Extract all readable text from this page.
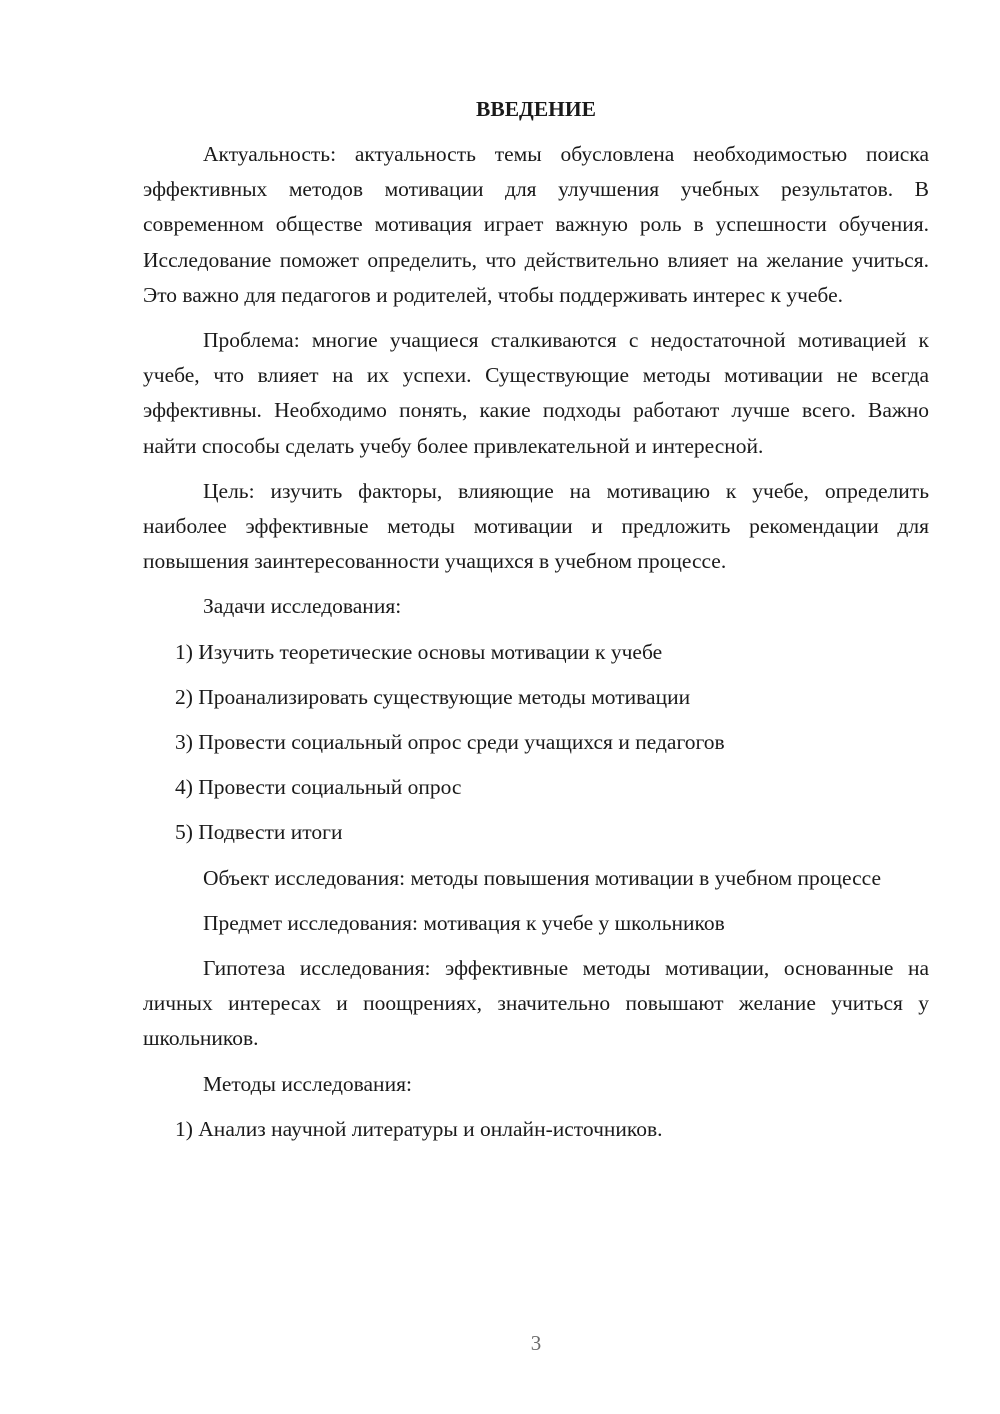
ВВЕДЕНИЕ

Актуальность: актуальность темы обусловлена необходимостью поиска эффективных методов мотивации для улучшения учебных результатов. В современном обществе мотивация играет важную роль в успешности обучения. Исследование поможет определить, что действительно влияет на желание учиться. Это важно для педагогов и родителей, чтобы поддерживать интерес к учебе.

Проблема: многие учащиеся сталкиваются с недостаточной мотивацией к учебе, что влияет на их успехи. Существующие методы мотивации не всегда эффективны. Необходимо понять, какие подходы работают лучше всего. Важно найти способы сделать учебу более привлекательной и интересной.

Цель: изучить факторы, влияющие на мотивацию к учебе, определить наиболее эффективные методы мотивации и предложить рекомендации для повышения заинтересованности учащихся в учебном процессе.

Задачи исследования:

1) Изучить теоретические основы мотивации к учебе
2) Проанализировать существующие методы мотивации
3) Провести социальный опрос среди учащихся и педагогов
4) Провести социальный опрос
5) Подвести итоги

Объект исследования: методы повышения мотивации в учебном процессе

Предмет исследования: мотивация к учебе у школьников

Гипотеза исследования: эффективные методы мотивации, основанные на личных интересах и поощрениях, значительно повышают желание учиться у школьников.

Методы исследования:

1) Анализ научной литературы и онлайн-источников.
3
